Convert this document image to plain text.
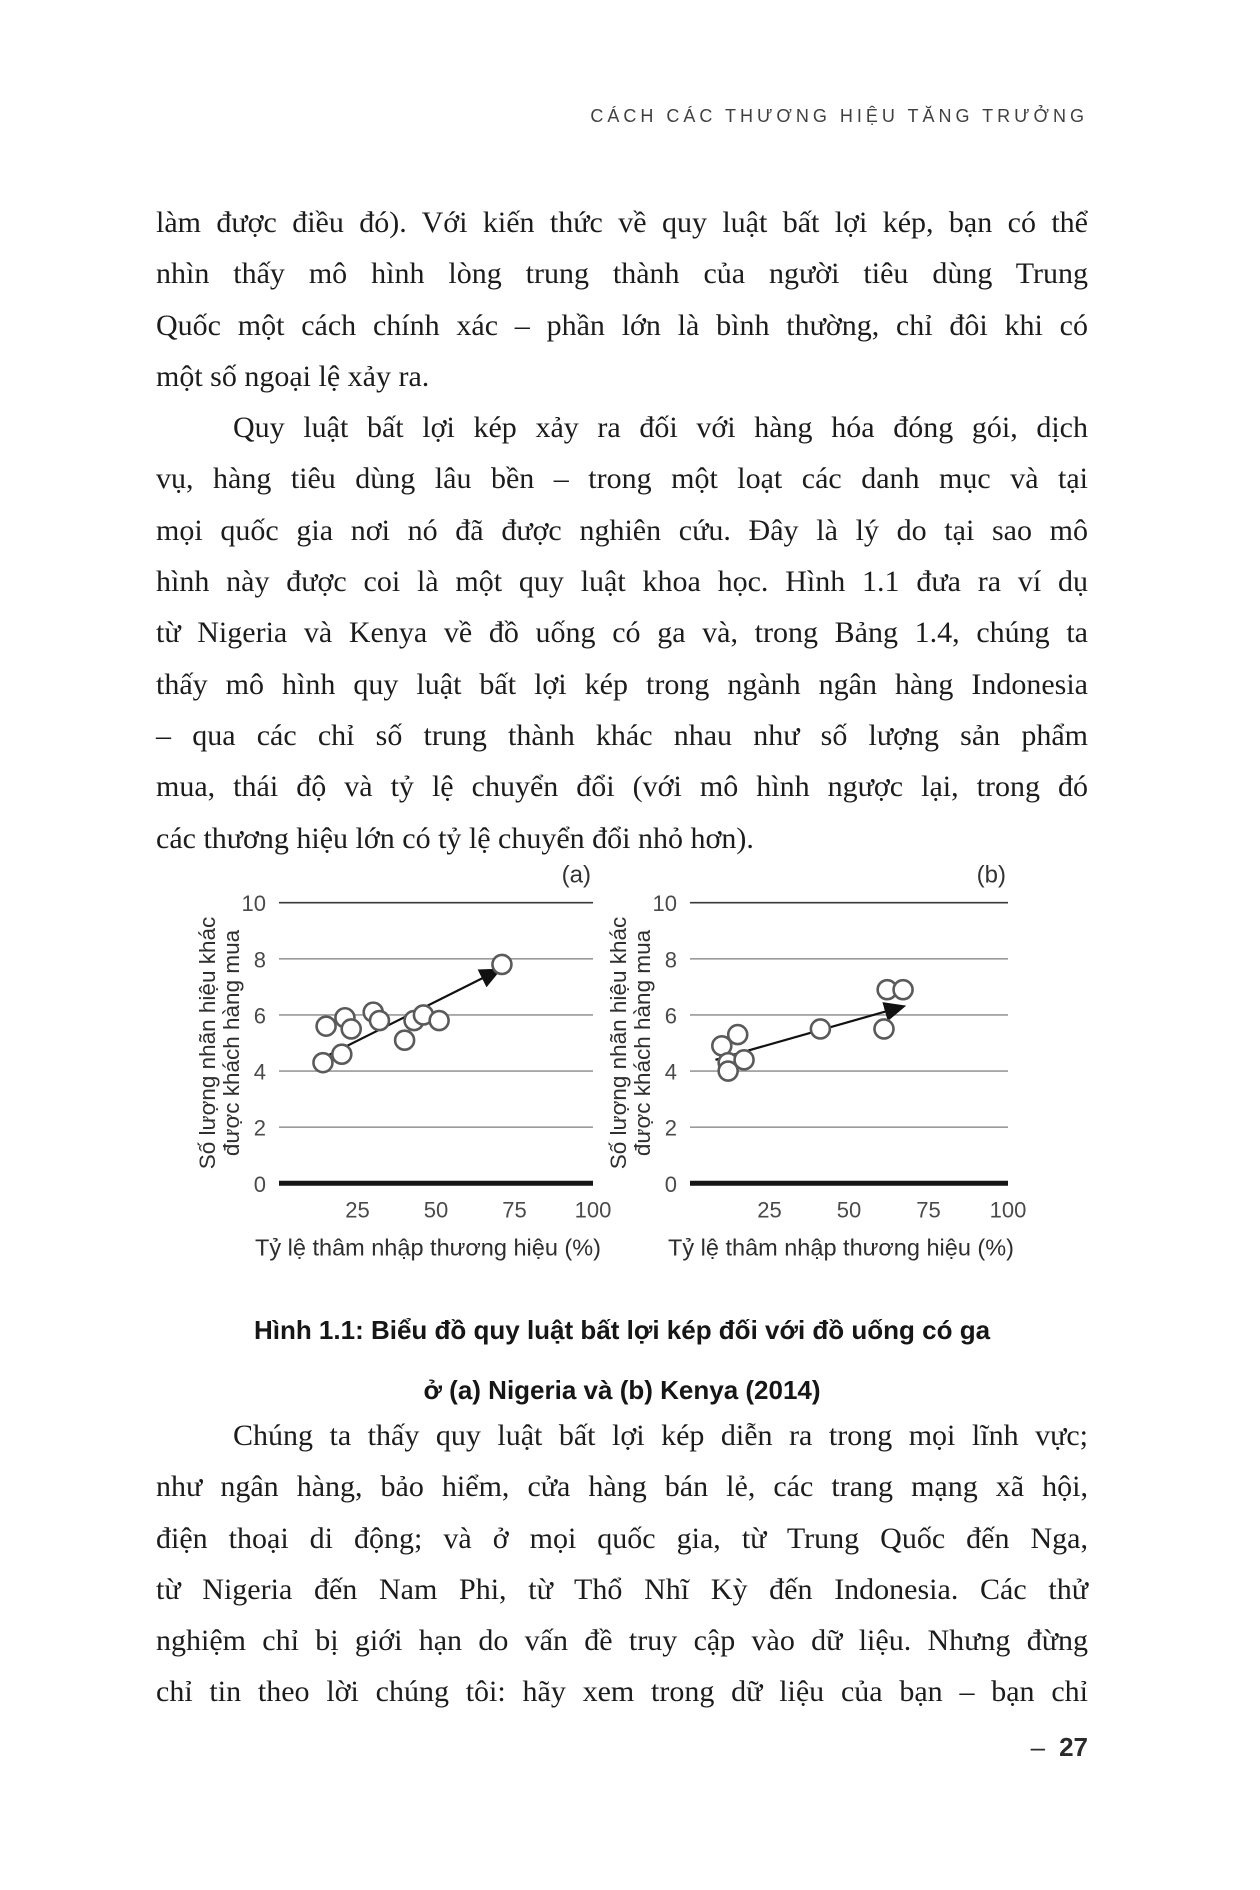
CÁCH CÁC THƯƠNG HIỆU TĂNG TRƯỞNG
làm được điều đó). Với kiến thức về quy luật bất lợi kép, bạn có thể
nhìn thấy mô hình lòng trung thành của người tiêu dùng Trung
Quốc một cách chính xác – phần lớn là bình thường, chỉ đôi khi có
một số ngoại lệ xảy ra.
Quy luật bất lợi kép xảy ra đối với hàng hóa đóng gói, dịch
vụ, hàng tiêu dùng lâu bền – trong một loạt các danh mục và tại
mọi quốc gia nơi nó đã được nghiên cứu. Đây là lý do tại sao mô
hình này được coi là một quy luật khoa học. Hình 1.1 đưa ra ví dụ
từ Nigeria và Kenya về đồ uống có ga và, trong Bảng 1.4, chúng ta
thấy mô hình quy luật bất lợi kép trong ngành ngân hàng Indonesia
– qua các chỉ số trung thành khác nhau như số lượng sản phẩm
mua, thái độ và tỷ lệ chuyển đổi (với mô hình ngược lại, trong đó
các thương hiệu lớn có tỷ lệ chuyển đổi nhỏ hơn).
0
2
4
6
8
10
25 50 75 100
Tỷ lệ thâm nhập thương hiệu (%)
Số lượng nhãn hiệu khác được khách hàng mua
(a)
0
2
4
6
8
10
25	50	75 100
Tỷ lệ thâm nhập thương hiệu (%)
Số lượng nhãn hiệu khác được khách hàng mua
(b)
Hình 1.1: Biểu đồ quy luật bất lợi kép đối với đồ uống có ga
ở (a) Nigeria và (b) Kenya (2014)
Chúng ta thấy quy luật bất lợi kép diễn ra trong mọi lĩnh vực;
như ngân hàng, bảo hiểm, cửa hàng bán lẻ, các trang mạng xã hội,
điện thoại di động; và ở mọi quốc gia, từ Trung Quốc đến Nga,
từ Nigeria đến Nam Phi, từ Thổ Nhĩ Kỳ đến Indonesia. Các thử
nghiệm chỉ bị giới hạn do vấn đề truy cập vào dữ liệu. Nhưng đừng
chỉ tin theo lời chúng tôi: hãy xem trong dữ liệu của bạn – bạn chỉ
– 27
